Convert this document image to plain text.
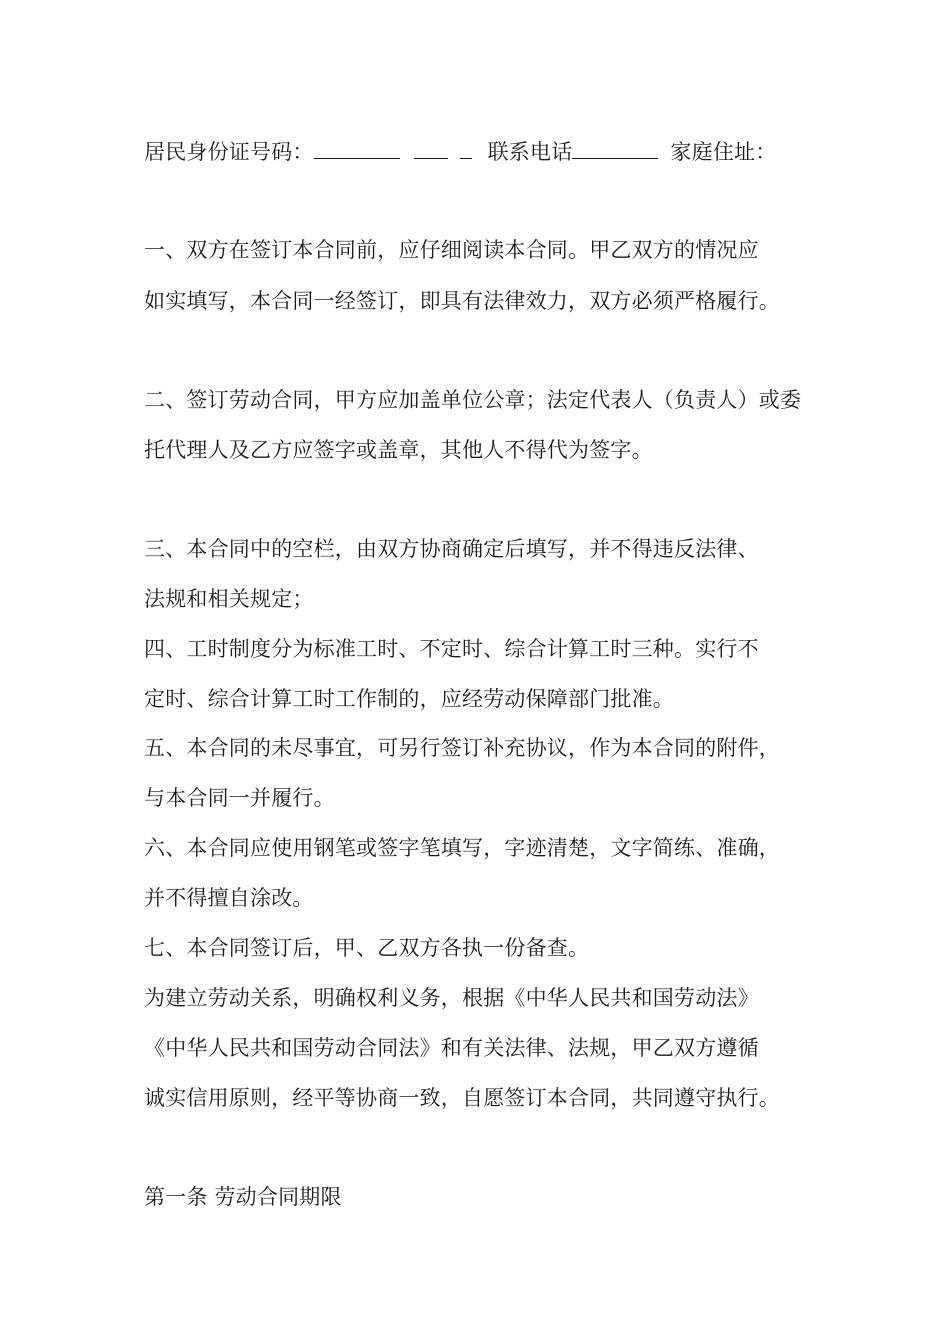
居民身份证号码：	联系电话	家庭住址：
一、双方在签订本合同前，应仔细阅读本合同。甲乙双方的情况应
如实填写，本合同一经签订，即具有法律效力，双方必须严格履行。
二、签订劳动合同，甲方应加盖单位公章；法定代表人（负责人）或委
托代理人及乙方应签字或盖章，其他人不得代为签字。
三、本合同中的空栏，由双方协商确定后填写，并不得违反法律、
法规和相关规定；
四、工时制度分为标准工时、不定时、综合计算工时三种。实行不
定时、综合计算工时工作制的，应经劳动保障部门批准。
五、本合同的未尽事宜，可另行签订补充协议，作为本合同的附件，
与本合同一并履行。
六、本合同应使用钢笔或签字笔填写，字迹清楚，文字简练、准确，
并不得擅自涂改。
七、本合同签订后，甲、乙双方各执一份备查。
为建立劳动关系，明确权利义务，根据《中华人民共和国劳动法》
《中华人民共和国劳动合同法》和有关法律、法规，甲乙双方遵循
诚实信用原则，经平等协商一致，自愿签订本合同，共同遵守执行。
第一条 劳动合同期限
